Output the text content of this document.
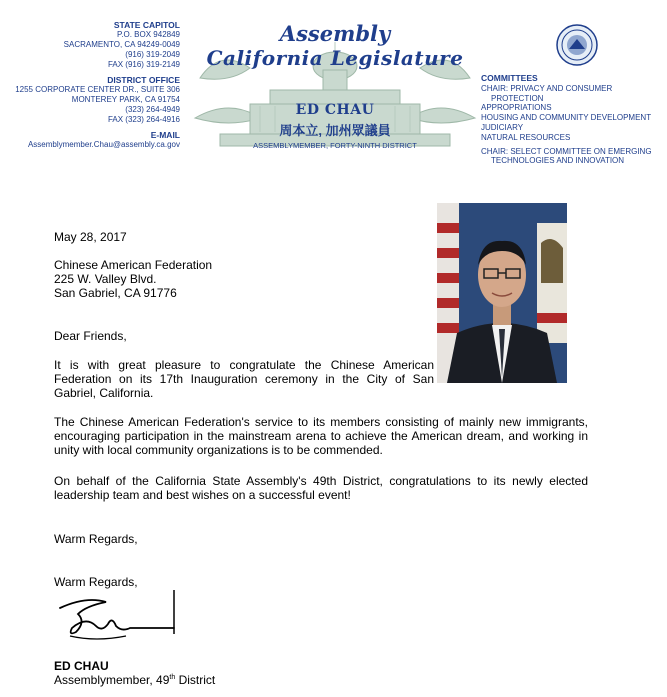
STATE CAPITOL
P.O. BOX 942849
SACRAMENTO, CA 94249-0049
(916) 319-2049
FAX (916) 319-2149
DISTRICT OFFICE
1255 CORPORATE CENTER DR., SUITE 306
MONTEREY PARK, CA 91754
(323) 264-4949
FAX (323) 264-4916
E-MAIL
Assemblymember.Chau@assembly.ca.gov
Assembly
California Legislature
ED CHAU
周本立, 加州眾議員
ASSEMBLYMEMBER, FORTY-NINTH DISTRICT
COMMITTEES
CHAIR: PRIVACY AND CONSUMER
PROTECTION
APPROPRIATIONS
HOUSING AND COMMUNITY DEVELOPMENT
JUDICIARY
NATURAL RESOURCES
CHAIR: SELECT COMMITTEE ON EMERGING
TECHNOLOGIES AND INNOVATION
May 28, 2017
Chinese American Federation
225 W. Valley Blvd.
San Gabriel, CA 91776
Dear Friends,
It is with great pleasure to congratulate the Chinese American Federation on its 17th Inauguration ceremony in the City of San Gabriel, California.
The Chinese American Federation's service to its members consisting of mainly new immigrants, encouraging participation in the mainstream arena to achieve the American dream, and working in unity with local community organizations is to be commended.
On behalf of the California State Assembly's 49th District, congratulations to its newly elected leadership team and best wishes on a successful event!
Warm Regards,
Warm Regards,
ED CHAU
Assemblymember, 49th District
